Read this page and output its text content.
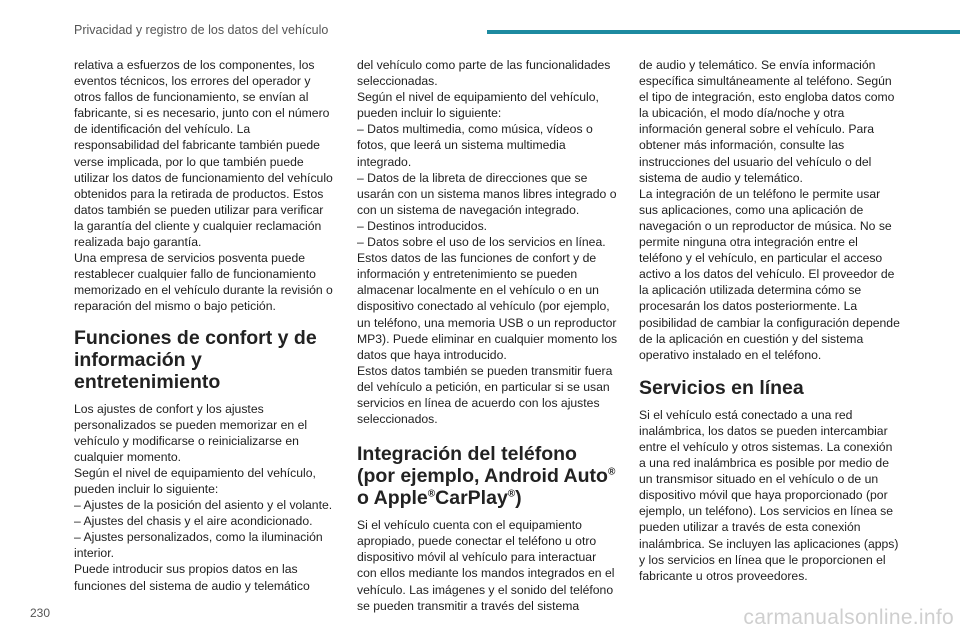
Privacidad y registro de los datos del vehículo

relativa a esfuerzos de los componentes, los eventos técnicos, los errores del operador y otros fallos de funcionamiento, se envían al fabricante, si es necesario, junto con el número de identificación del vehículo. La responsabilidad del fabricante también puede verse implicada, por lo que también puede utilizar los datos de funcionamiento del vehículo obtenidos para la retirada de productos. Estos datos también se pueden utilizar para verificar la garantía del cliente y cualquier reclamación realizada bajo garantía.

Una empresa de servicios posventa puede restablecer cualquier fallo de funcionamiento memorizado en el vehículo durante la revisión o reparación del mismo o bajo petición.

Funciones de confort y de información y entretenimiento

Los ajustes de confort y los ajustes personalizados se pueden memorizar en el vehículo y modificarse o reinicializarse en cualquier momento.

Según el nivel de equipamiento del vehículo, pueden incluir lo siguiente:

– Ajustes de la posición del asiento y el volante.
– Ajustes del chasis y el aire acondicionado.
– Ajustes personalizados, como la iluminación interior.

Puede introducir sus propios datos en las funciones del sistema de audio y telemático

del vehículo como parte de las funcionalidades seleccionadas.

Según el nivel de equipamiento del vehículo, pueden incluir lo siguiente:

– Datos multimedia, como música, vídeos o fotos, que leerá un sistema multimedia integrado.
– Datos de la libreta de direcciones que se usarán con un sistema manos libres integrado o con un sistema de navegación integrado.
– Destinos introducidos.
– Datos sobre el uso de los servicios en línea.

Estos datos de las funciones de confort y de información y entretenimiento se pueden almacenar localmente en el vehículo o en un dispositivo conectado al vehículo (por ejemplo, un teléfono, una memoria USB o un reproductor MP3). Puede eliminar en cualquier momento los datos que haya introducido.

Estos datos también se pueden transmitir fuera del vehículo a petición, en particular si se usan servicios en línea de acuerdo con los ajustes seleccionados.

Integración del teléfono (por ejemplo, Android Auto® o Apple®CarPlay®)

Si el vehículo cuenta con el equipamiento apropiado, puede conectar el teléfono u otro dispositivo móvil al vehículo para interactuar con ellos mediante los mandos integrados en el vehículo. Las imágenes y el sonido del teléfono se pueden transmitir a través del sistema

de audio y telemático. Se envía información específica simultáneamente al teléfono. Según el tipo de integración, esto engloba datos como la ubicación, el modo día/noche y otra información general sobre el vehículo. Para obtener más información, consulte las instrucciones del usuario del vehículo o del sistema de audio y telemático.

La integración de un teléfono le permite usar sus aplicaciones, como una aplicación de navegación o un reproductor de música. No se permite ninguna otra integración entre el teléfono y el vehículo, en particular el acceso activo a los datos del vehículo. El proveedor de la aplicación utilizada determina cómo se procesarán los datos posteriormente. La posibilidad de cambiar la configuración depende de la aplicación en cuestión y del sistema operativo instalado en el teléfono.

Servicios en línea

Si el vehículo está conectado a una red inalámbrica, los datos se pueden intercambiar entre el vehículo y otros sistemas. La conexión a una red inalámbrica es posible por medio de un transmisor situado en el vehículo o de un dispositivo móvil que haya proporcionado (por ejemplo, un teléfono). Los servicios en línea se pueden utilizar a través de esta conexión inalámbrica. Se incluyen las aplicaciones (apps) y los servicios en línea que le proporcionen el fabricante u otros proveedores.

230	carmanualsonline.info
